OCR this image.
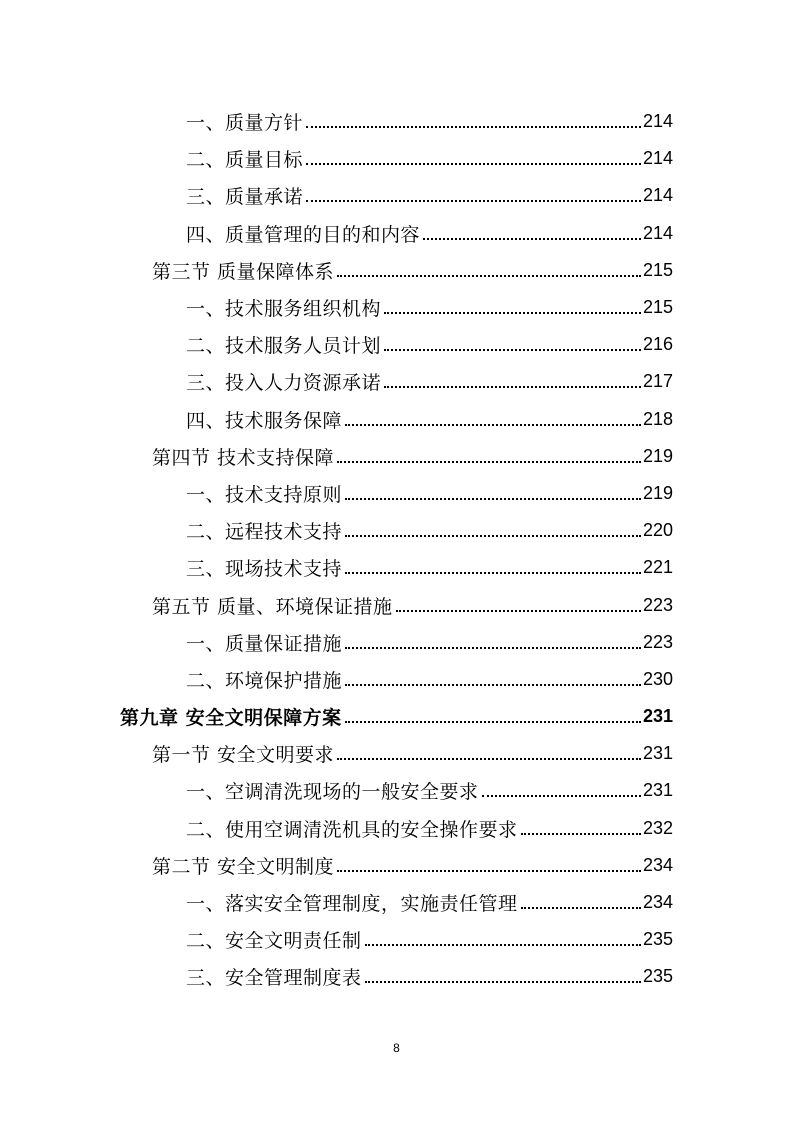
一、质量方针	214
二、质量目标	214
三、质量承诺	214
四、质量管理的目的和内容	214
第三节 质量保障体系	215
一、技术服务组织机构	215
二、技术服务人员计划	216
三、投入人力资源承诺	217
四、技术服务保障	218
第四节 技术支持保障	219
一、技术支持原则	219
二、远程技术支持	220
三、现场技术支持	221
第五节 质量、环境保证措施	223
一、质量保证措施	223
二、环境保护措施	230
第九章 安全文明保障方案	231
第一节 安全文明要求	231
一、空调清洗现场的一般安全要求	231
二、使用空调清洗机具的安全操作要求	232
第二节 安全文明制度	234
一、落实安全管理制度，实施责任管理	234
二、安全文明责任制	235
三、安全管理制度表	235
8
